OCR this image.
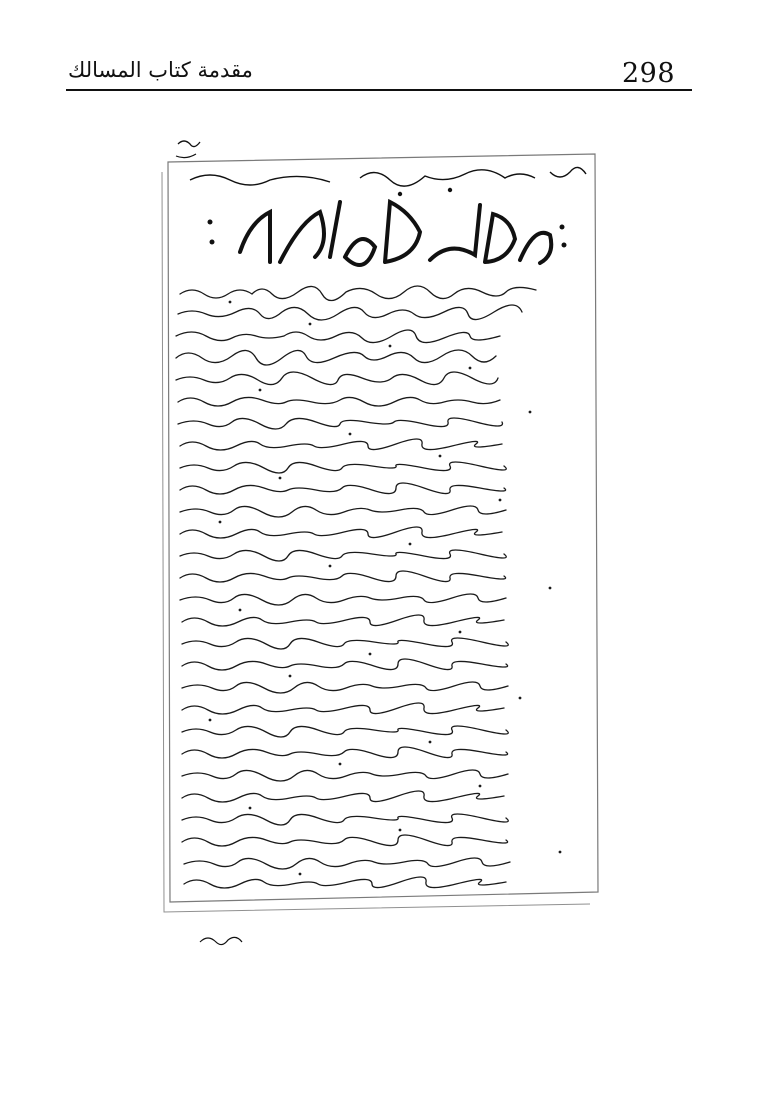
مقدمة كتاب المسالك	298
